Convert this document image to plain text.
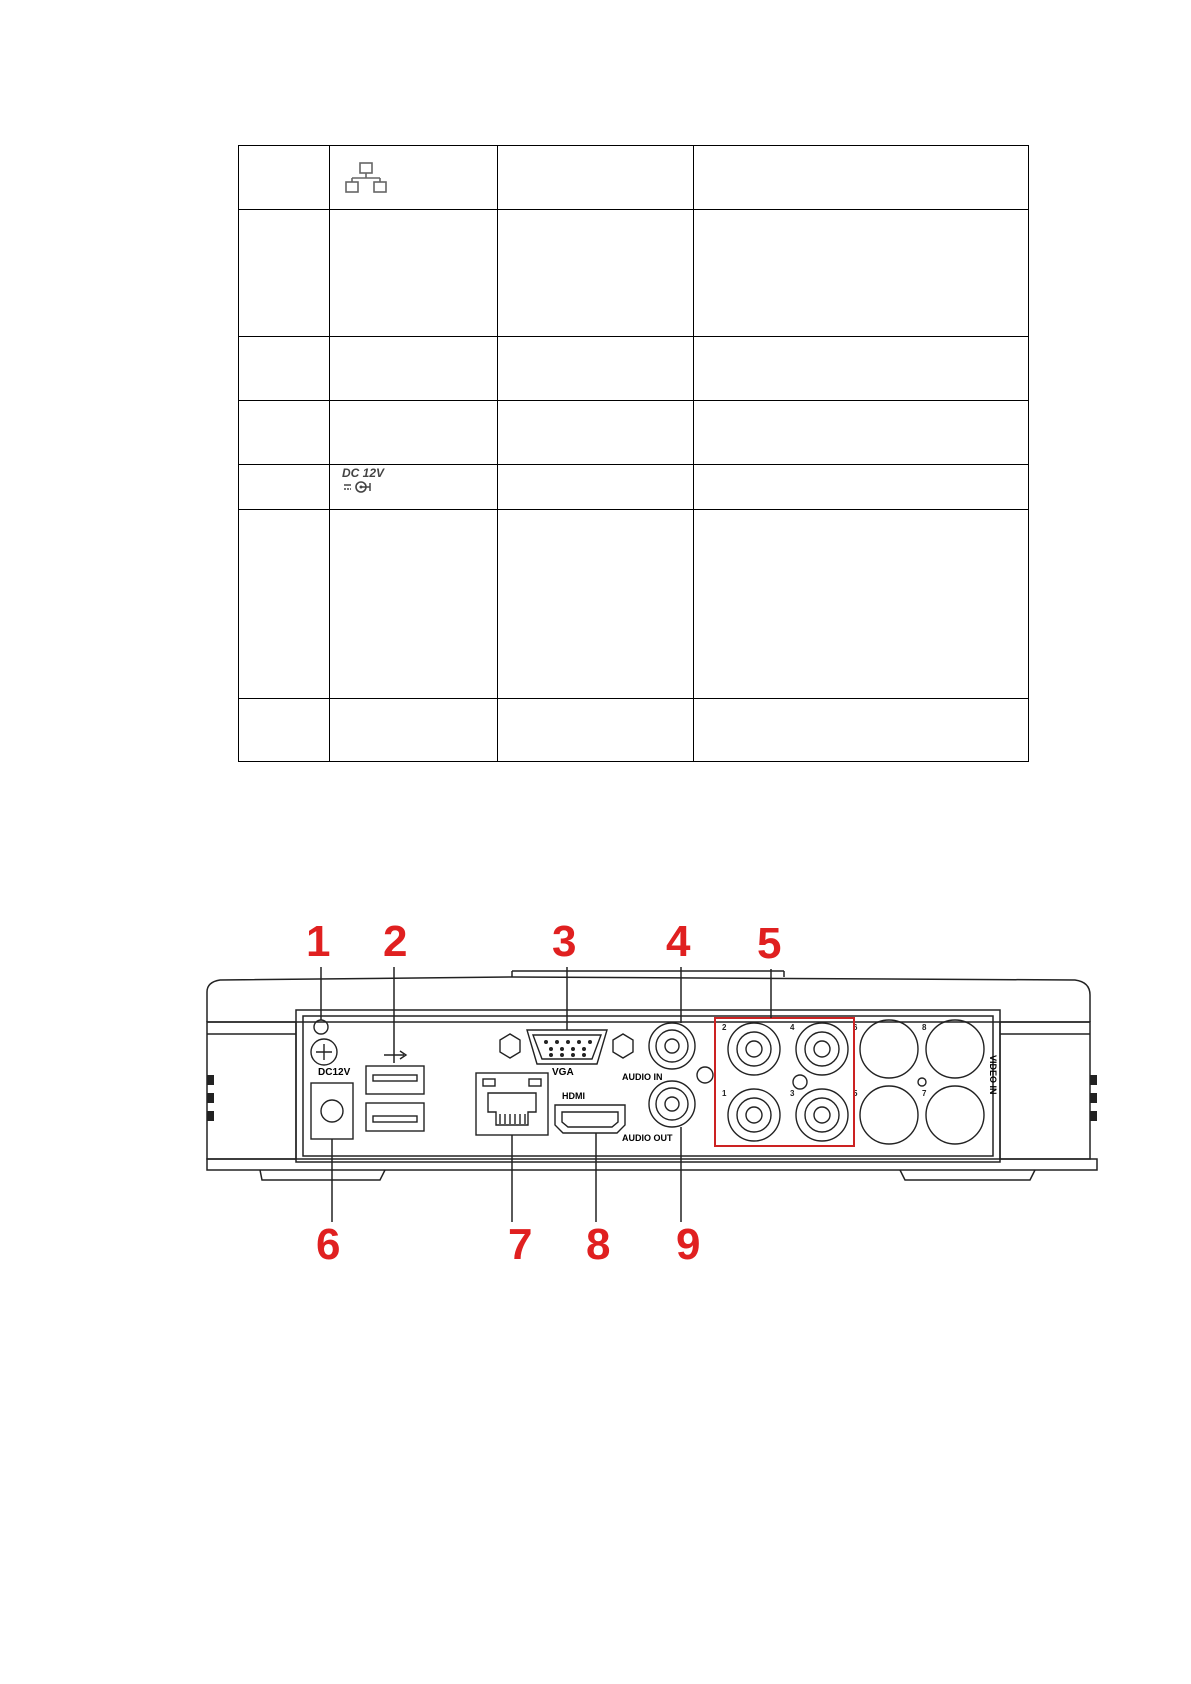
	DC 12V		

1 2	3 4 5
6	7 8 9
DC12V	VGA
HDMI
AUDIO IN
AUDIO OUT
2	4
1	3
6	8
5	7	VIDEO IN
